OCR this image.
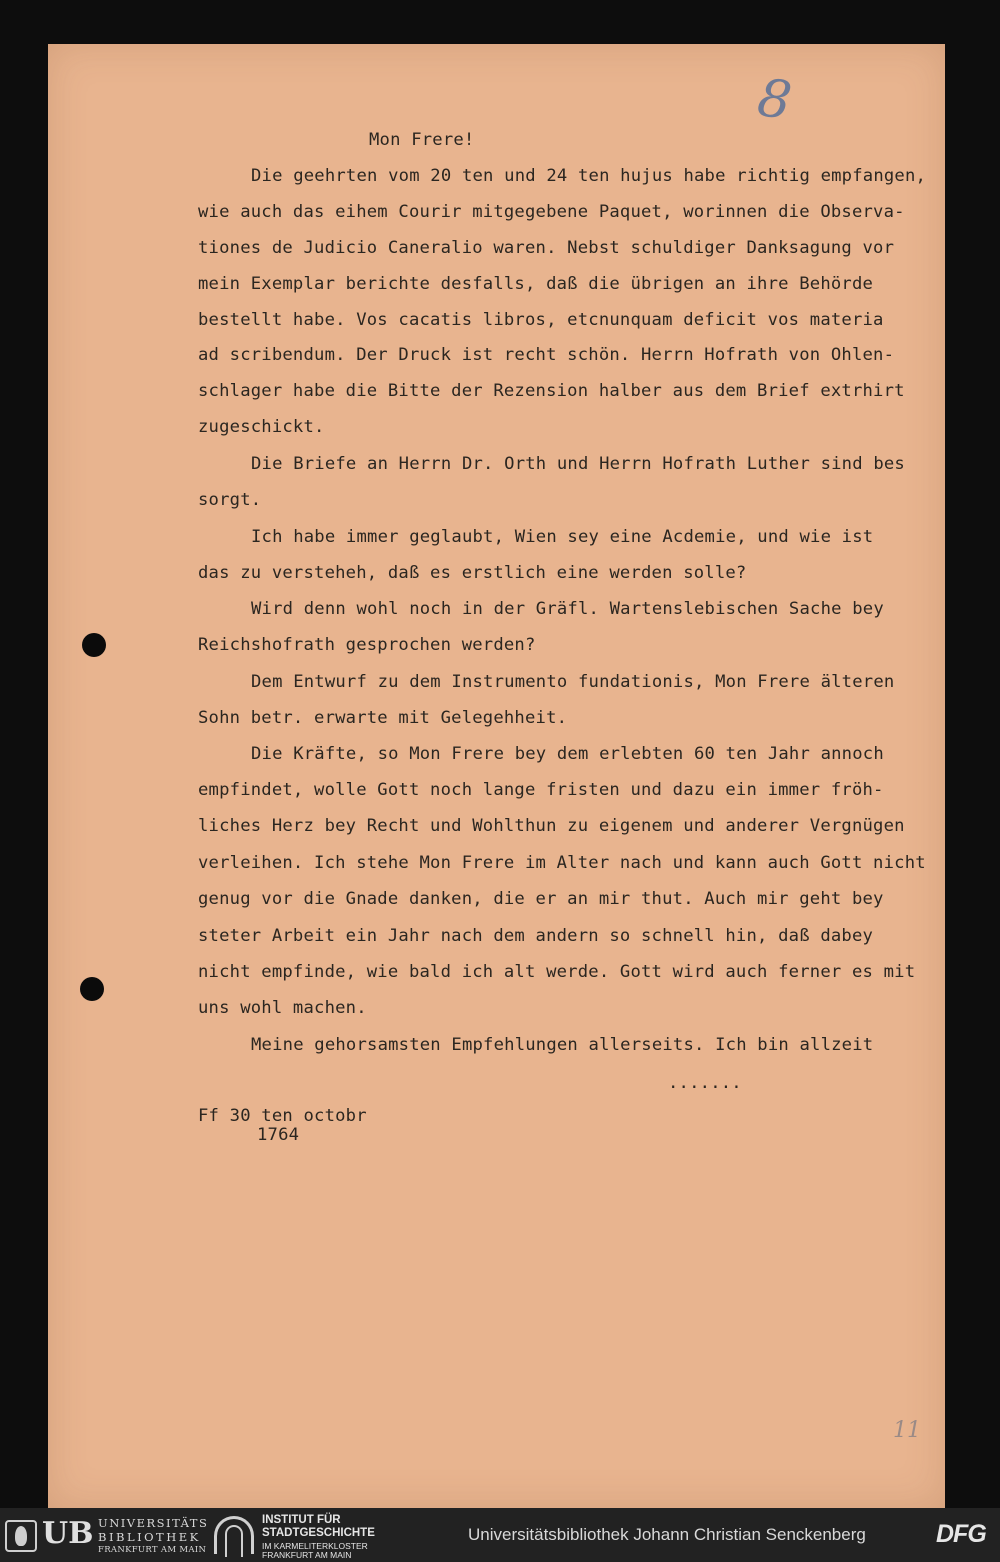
8
11
Mon Frere!
Die geehrten vom 20 ten und 24 ten hujus habe richtig empfangen,
wie auch das eihem Courir mitgegebene Paquet, worinnen die Observa-
tiones de Judicio Caneralio waren. Nebst schuldiger Danksagung vor
mein Exemplar berichte desfalls, daß die übrigen an ihre Behörde
bestellt habe. Vos cacatis libros, etcnunquam deficit vos materia
ad scribendum. Der Druck ist recht schön. Herrn Hofrath von Ohlen-
schlager habe die Bitte der Rezension halber aus dem Brief extrhirt
zugeschickt.
Die Briefe an Herrn Dr. Orth und Herrn Hofrath Luther sind bes
sorgt.
Ich habe immer geglaubt, Wien sey eine Acdemie, und wie ist
das zu versteheh, daß es erstlich eine werden solle?
Wird denn wohl noch in der Gräfl. Wartenslebischen Sache bey
Reichshofrath gesprochen werden?
Dem Entwurf zu dem Instrumento fundationis, Mon Frere älteren
Sohn betr. erwarte mit Gelegehheit.
Die Kräfte, so Mon Frere bey dem erlebten 60 ten Jahr annoch
empfindet, wolle Gott noch lange fristen und dazu ein immer fröh-
liches Herz bey Recht und Wohlthun zu eigenem und anderer Vergnügen
verleihen. Ich stehe Mon Frere im Alter nach und kann auch Gott nicht
genug vor die Gnade danken, die er an mir thut. Auch mir geht bey
steter Arbeit ein Jahr nach dem andern so schnell hin, daß dabey
nicht empfinde, wie bald ich alt werde. Gott wird auch ferner es mit
uns wohl machen.
Meine gehorsamsten Empfehlungen allerseits. Ich bin allzeit
.......
Ff 30 ten octobr
1764
UB UNIVERSITÄTS
BIBLIOTHEK
FRANKFURT AM MAIN
INSTITUT FÜR
STADTGESCHICHTE
IM KARMELITERKLOSTER
FRANKFURT AM MAIN
Universitätsbibliothek Johann Christian Senckenberg	DFG
